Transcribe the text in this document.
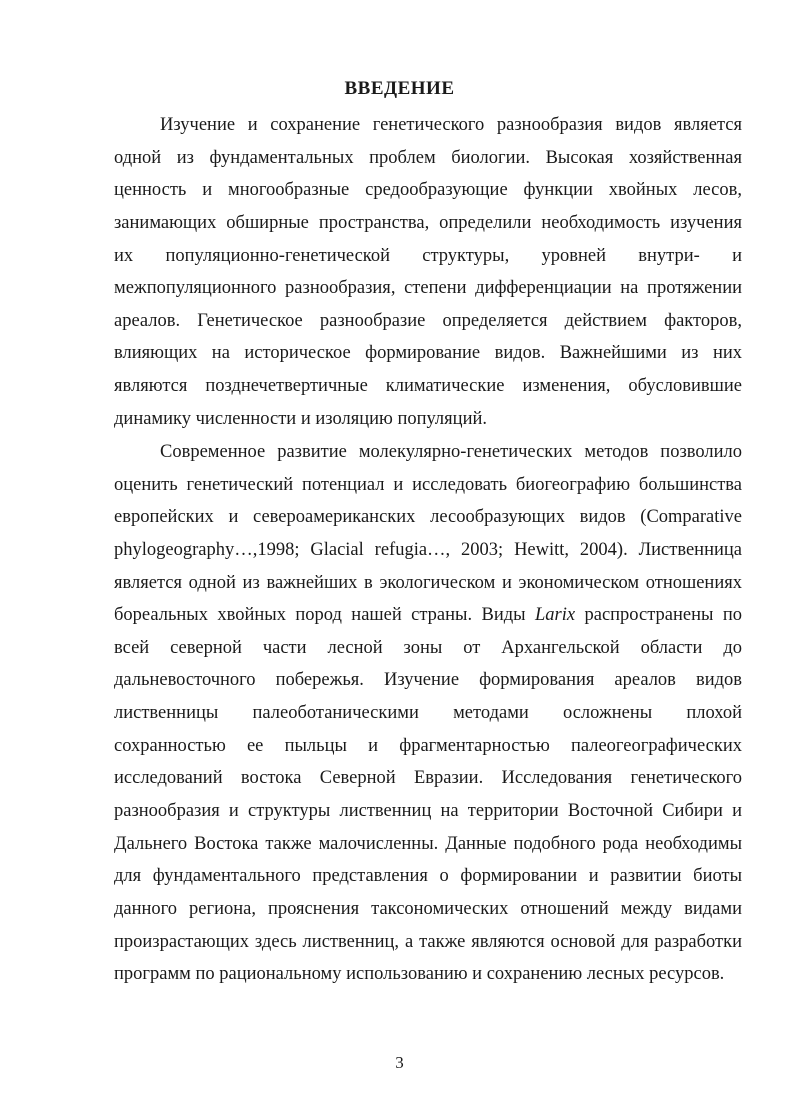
ВВЕДЕНИЕ
Изучение и сохранение генетического разнообразия видов является
одной из фундаментальных проблем биологии. Высокая хозяйственная
ценность и многообразные средообразующие функции хвойных лесов,
занимающих обширные пространства, определили необходимость изучения
их популяционно-генетической структуры, уровней внутри- и
межпопуляционного разнообразия, степени дифференциации на протяжении
ареалов. Генетическое разнообразие определяется действием факторов,
влияющих на историческое формирование видов. Важнейшими из них
являются позднечетвертичные климатические изменения, обусловившие
динамику численности и изоляцию популяций.
Современное развитие молекулярно-генетических методов позволило
оценить генетический потенциал и исследовать биогеографию большинства
европейских и североамериканских лесообразующих видов (Comparative
phylogeography…,1998; Glacial refugia…, 2003; Hewitt, 2004). Лиственница
является одной из важнейших в экологическом и экономическом отношениях
бореальных хвойных пород нашей страны. Виды Larix распространены по
всей северной части лесной зоны от Архангельской области до
дальневосточного побережья. Изучение формирования ареалов видов
лиственницы палеоботаническими методами осложнены плохой
сохранностью ее пыльцы и фрагментарностью палеогеографических
исследований востока Северной Евразии. Исследования генетического
разнообразия и структуры лиственниц на территории Восточной Сибири и
Дальнего Востока также малочисленны. Данные подобного рода необходимы
для фундаментального представления о формировании и развитии биоты
данного региона, прояснения таксономических отношений между видами
произрастающих здесь лиственниц, а также являются основой для разработки
программ по рациональному использованию и сохранению лесных ресурсов.
3
